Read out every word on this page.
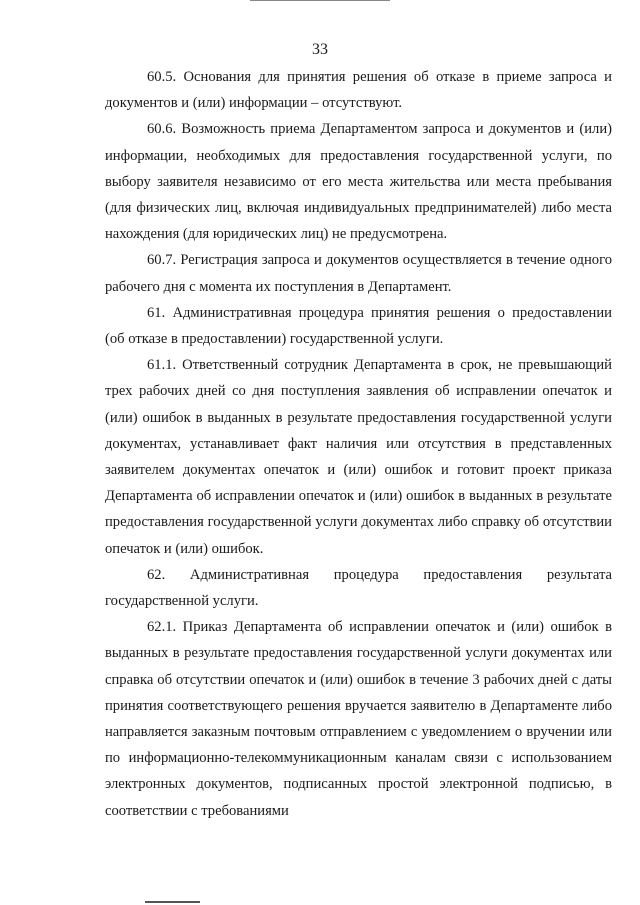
33

60.5. Основания для принятия решения об отказе в приеме запроса и документов и (или) информации – отсутствуют.

60.6. Возможность приема Департаментом запроса и документов и (или) информации, необходимых для предоставления государственной услуги, по выбору заявителя независимо от его места жительства или места пребывания (для физических лиц, включая индивидуальных предпринимателей) либо места нахождения (для юридических лиц) не предусмотрена.

60.7. Регистрация запроса и документов осуществляется в течение одного рабочего дня с момента их поступления в Департамент.

61. Административная процедура принятия решения о предоставлении (об отказе в предоставлении) государственной услуги.

61.1. Ответственный сотрудник Департамента в срок, не превышающий трех рабочих дней со дня поступления заявления об исправлении опечаток и (или) ошибок в выданных в результате предоставления государственной услуги документах, устанавливает факт наличия или отсутствия в представленных заявителем документах опечаток и (или) ошибок и готовит проект приказа Департамента об исправлении опечаток и (или) ошибок в выданных в результате предоставления государственной услуги документах либо справку об отсутствии опечаток и (или) ошибок.

62. Административная процедура предоставления результата государственной услуги.

62.1. Приказ Департамента об исправлении опечаток и (или) ошибок в выданных в результате предоставления государственной услуги документах или справка об отсутствии опечаток и (или) ошибок в течение 3 рабочих дней с даты принятия соответствующего решения вручается заявителю в Департаменте либо направляется заказным почтовым отправлением с уведомлением о вручении или по информационно-телекоммуникационным каналам связи с использованием электронных документов, подписанных простой электронной подписью, в соответствии с требованиями
